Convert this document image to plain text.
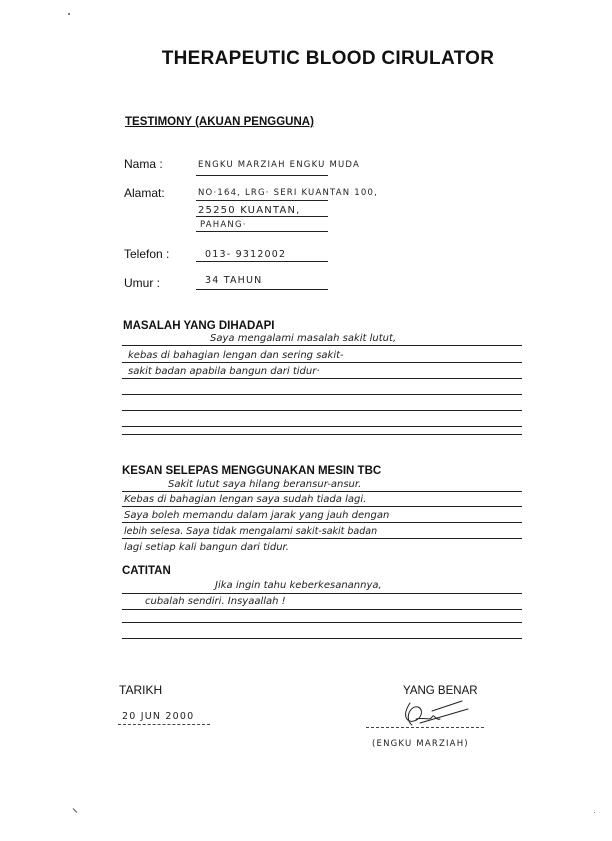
THERAPEUTIC BLOOD CIRULATOR
TESTIMONY (AKUAN PENGGUNA)
Nama :	ENGKU MARZIAH ENGKU MUDA
Alamat:	NO·164, LRG· SERI KUANTAN 100,
25250 KUANTAN,
PAHANG·
Telefon :	013- 9312002
Umur :	34 TAHUN
MASALAH YANG DIHADAPI
Saya mengalami masalah sakit lutut,
kebas di bahagian lengan dan sering sakit-
sakit badan apabila bangun dari tidur·
KESAN SELEPAS MENGGUNAKAN MESIN TBC
Sakit lutut saya hilang beransur-ansur.
Kebas di bahagian lengan saya sudah tiada lagi.
Saya boleh memandu dalam jarak yang jauh dengan
lebih selesa. Saya tidak mengalami sakit-sakit badan
lagi setiap kali bangun dari tidur.
CATITAN
Jika ingin tahu keberkesanannya,
cubalah sendiri. Insyaallah !
TARIKH
20 JUN 2000
YANG BENAR
(ENGKU MARZIAH)
